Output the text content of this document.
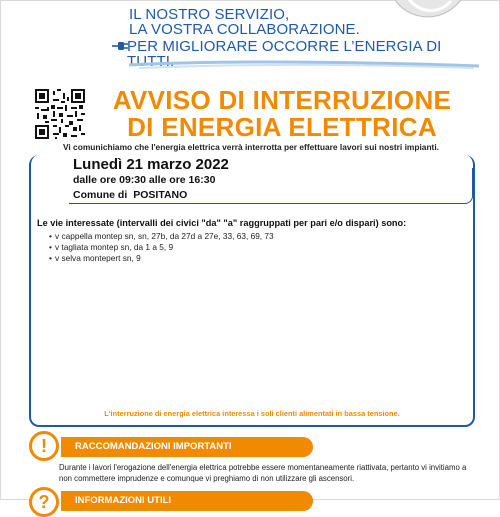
IL NOSTRO SERVIZIO,
LA VOSTRA COLLABORAZIONE.
PER MIGLIORARE OCCORRE L’ENERGIA DI TUTTI.
AVVISO DI INTERRUZIONE
DI ENERGIA ELETTRICA
Vi comunichiamo che l'energia elettrica verrà interrotta per effettuare lavori sui nostri impianti.
Lunedì 21 marzo 2022
dalle ore 09:30 alle ore 16:30
Comune di POSITANO
Le vie interessate (intervalli dei civici "da" "a" raggruppati per pari e/o dispari) sono:
• v cappella montep sn, sn, 27b, da 27d a 27e, 33, 63, 69, 73
• v tagliata montep sn, da 1 a 5, 9
• v selva montepert sn, 9
L'interruzione di energia elettrica interessa i soli clienti alimentati in bassa tensione.
!	RACCOMANDAZIONI IMPORTANTI
Durante i lavori l'erogazione dell'energia elettrica potrebbe essere momentaneamente riattivata, pertanto vi invitiamo a non commettere imprudenze e comunque vi preghiamo di non utilizzare gli ascensori.
?	INFORMAZIONI UTILI
